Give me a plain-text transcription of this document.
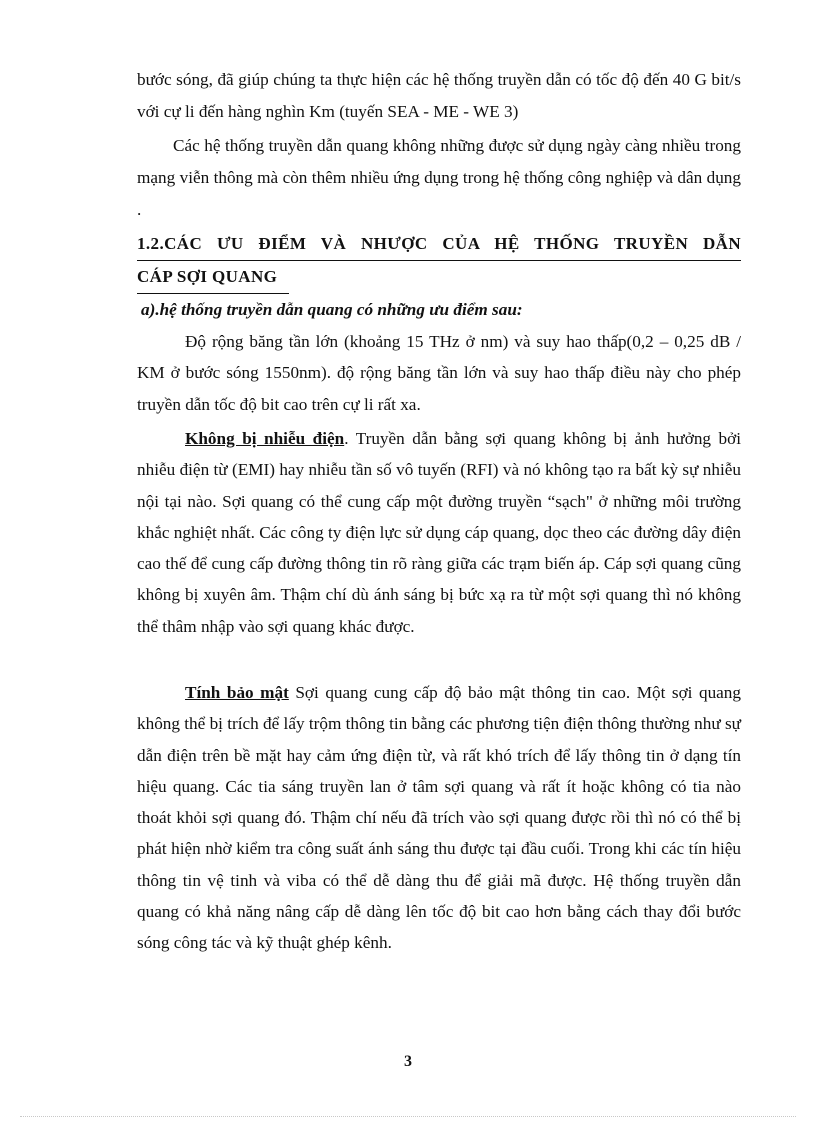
bước sóng, đã giúp chúng ta thực hiện các hệ thống truyền dẫn có tốc độ đến 40 G bit/s với cự li đến hàng nghìn Km (tuyến SEA - ME - WE 3)

Các hệ thống truyền dẫn quang không những được sử dụng ngày càng nhiều trong mạng viễn thông mà còn thêm nhiều ứng dụng trong hệ thống công nghiệp và dân dụng .

1.2.CÁC ƯU ĐIỂM VÀ NHƯỢC CỦA HỆ THỐNG TRUYỀN DẪN
CÁP SỢI QUANG
a).hệ thống truyền dẫn quang có những ưu điểm sau:

Độ rộng băng tần lớn (khoảng 15 THz ở nm) và suy hao thấp(0,2 – 0,25 dB / KM ở bước sóng 1550nm). độ rộng băng tần lớn và suy hao thấp điều này cho phép truyền dẫn tốc độ bit cao trên cự li rất xa.

Không bị nhiễu điện. Truyền dẫn bằng sợi quang không bị ảnh hưởng bởi nhiễu điện từ (EMI) hay nhiễu tần số vô tuyến (RFI) và nó không tạo ra bất kỳ sự nhiễu nội tại nào. Sợi quang có thể cung cấp một đường truyền “sạch" ở những môi trường khắc nghiệt nhất. Các công ty điện lực sử dụng cáp quang, dọc theo các đường dây điện cao thế để cung cấp đường thông tin rõ ràng giữa các trạm biến áp. Cáp sợi quang cũng không bị xuyên âm. Thậm chí dù ánh sáng bị bức xạ ra từ một sợi quang thì nó không thể thâm nhập vào sợi quang khác được.

Tính bảo mật Sợi quang cung cấp độ bảo mật thông tin cao. Một sợi quang không thể bị trích để lấy trộm thông tin bằng các phương tiện điện thông thường như sự dẫn điện trên bề mặt hay cảm ứng điện từ, và rất khó trích để lấy thông tin ở dạng tín hiệu quang. Các tia sáng truyền lan ở tâm sợi quang và rất ít hoặc không có tia nào thoát khỏi sợi quang đó. Thậm chí nếu đã trích vào sợi quang được rồi thì nó có thể bị phát hiện nhờ kiểm tra công suất ánh sáng thu được tại đầu cuối. Trong khi các tín hiệu thông tin vệ tinh và viba có thể dễ dàng thu để giải mã được. Hệ thống truyền dẫn quang có khả năng nâng cấp dễ dàng lên tốc độ bit cao hơn bằng cách thay đổi bước sóng công tác và kỹ thuật ghép kênh.

3
